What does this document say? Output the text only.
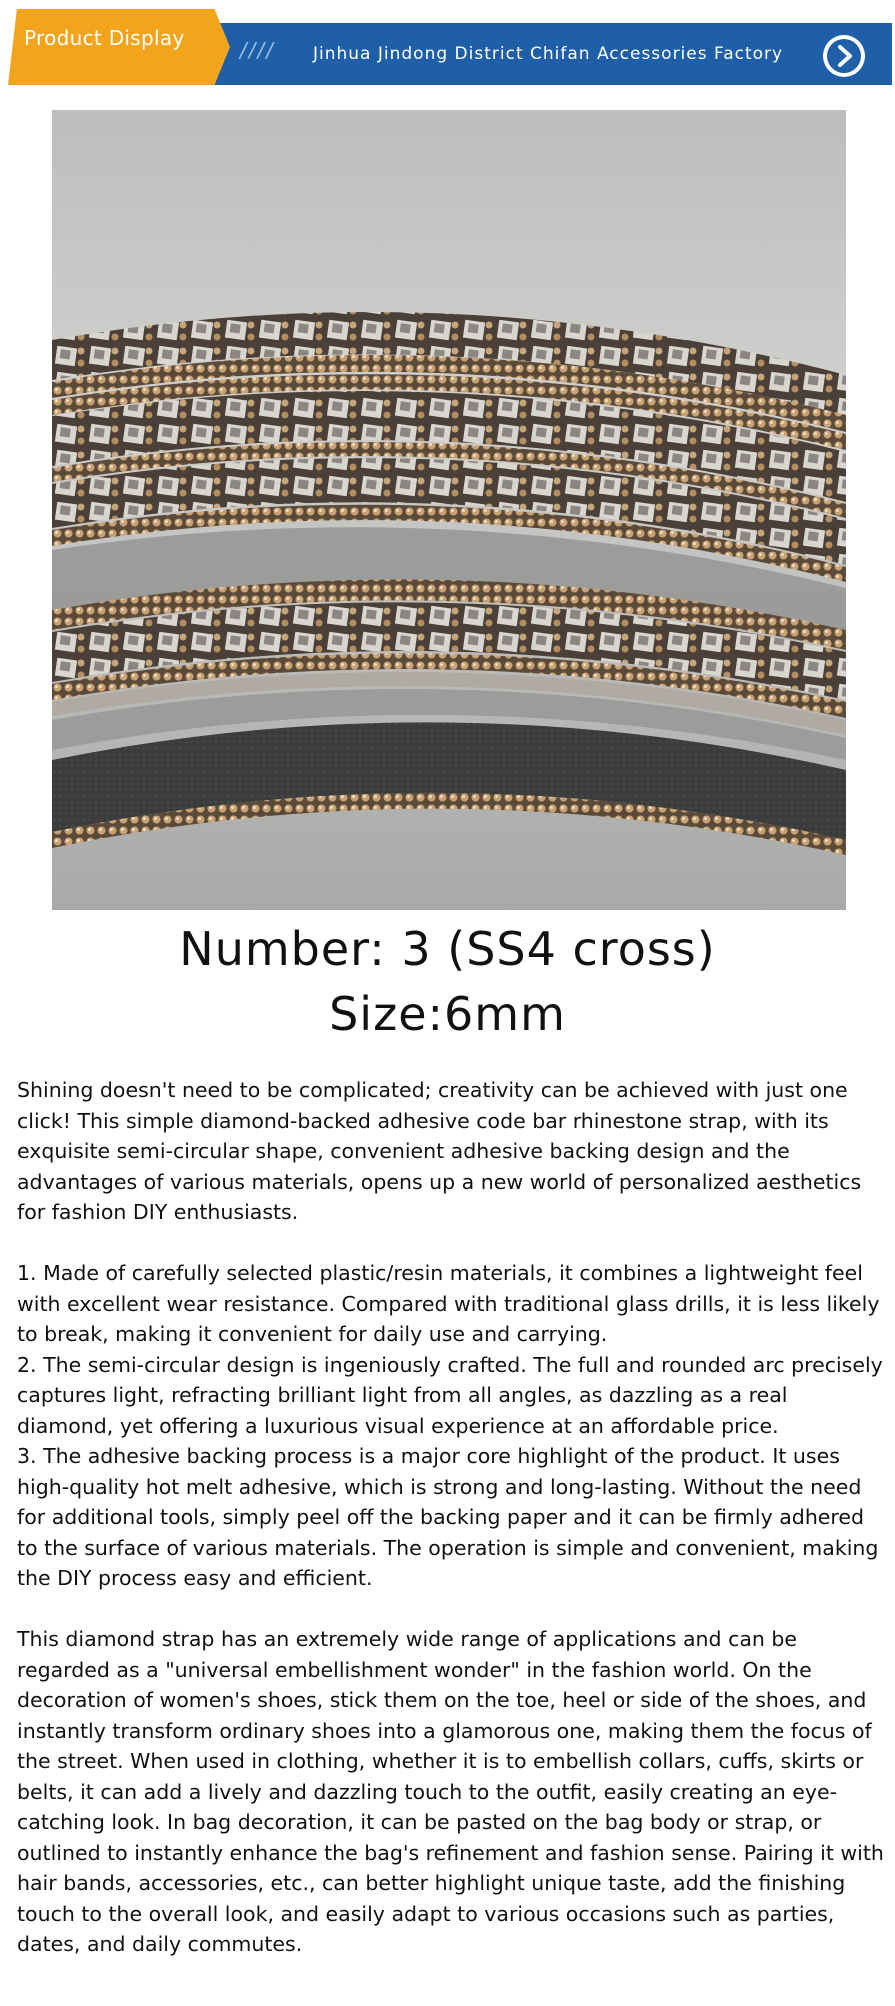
Product Display	//// Jinhua Jindong District Chifan Accessories Factory
Number: 3 (SS4 cross)
Size:6mm

Shining doesn't need to be complicated; creativity can be achieved with just one click! This simple diamond-backed adhesive code bar rhinestone strap, with its exquisite semi-circular shape, convenient adhesive backing design and the advantages of various materials, opens up a new world of personalized aesthetics for fashion DIY enthusiasts.

1. Made of carefully selected plastic/resin materials, it combines a lightweight feel with excellent wear resistance. Compared with traditional glass drills, it is less likely to break, making it convenient for daily use and carrying.

2. The semi-circular design is ingeniously crafted. The full and rounded arc precisely captures light, refracting brilliant light from all angles, as dazzling as a real diamond, yet offering a luxurious visual experience at an affordable price.

3. The adhesive backing process is a major core highlight of the product. It uses high-quality hot melt adhesive, which is strong and long-lasting. Without the need for additional tools, simply peel off the backing paper and it can be firmly adhered to the surface of various materials. The operation is simple and convenient, making the DIY process easy and efficient.

This diamond strap has an extremely wide range of applications and can be regarded as a "universal embellishment wonder" in the fashion world. On the decoration of women's shoes, stick them on the toe, heel or side of the shoes, and instantly transform ordinary shoes into a glamorous one, making them the focus of the street. When used in clothing, whether it is to embellish collars, cuffs, skirts or belts, it can add a lively and dazzling touch to the outfit, easily creating an eye-catching look. In bag decoration, it can be pasted on the bag body or strap, or outlined to instantly enhance the bag's refinement and fashion sense. Pairing it with hair bands, accessories, etc., can better highlight unique taste, add the finishing touch to the overall look, and easily adapt to various occasions such as parties, dates, and daily commutes.
